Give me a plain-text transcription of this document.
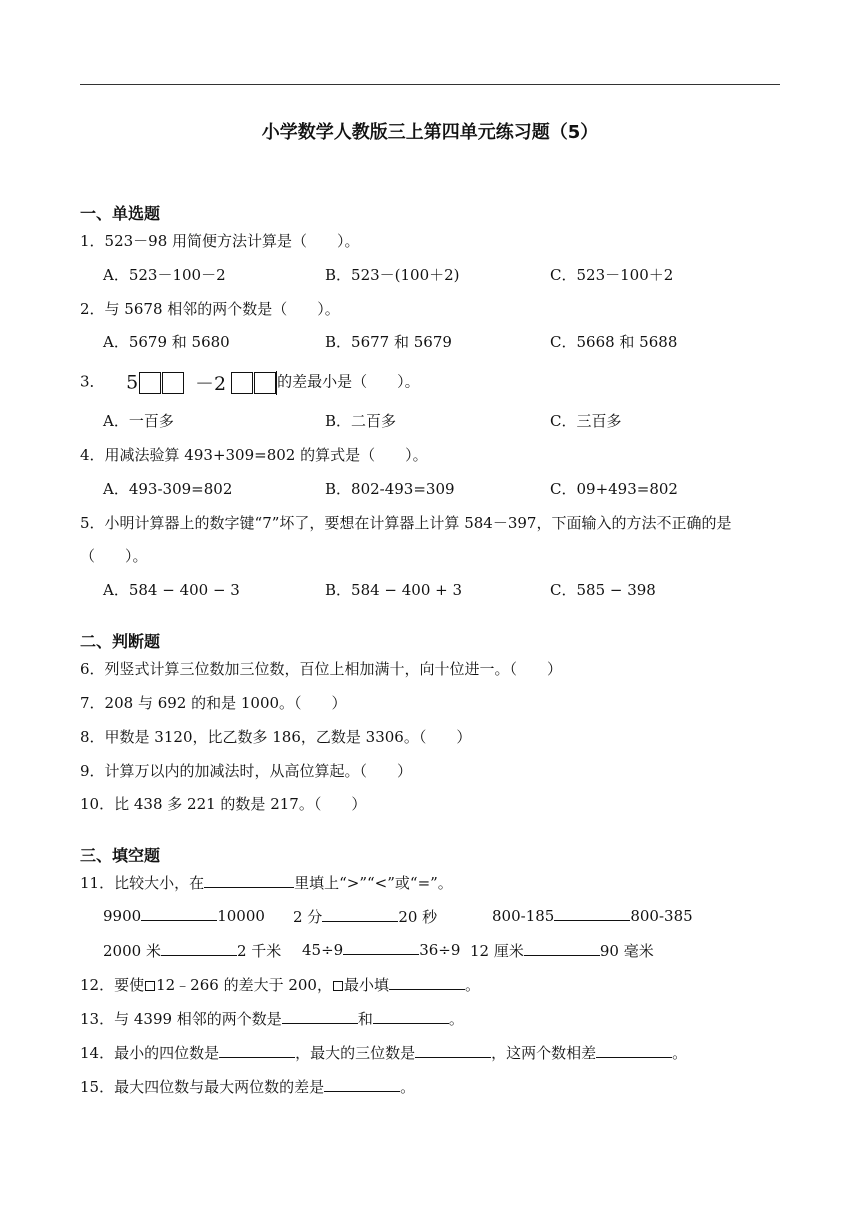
小学数学人教版三上第四单元练习题（5）
一、单选题
1．523－98 用简便方法计算是（　　）。
A．523－100－2	B．523－(100＋2)	C．523－100＋2
2．与 5678 相邻的两个数是（　　）。
A．5679 和 5680	B．5677 和 5679	C．5668 和 5688
3． 5	－2	的差最小是（　　）。
A．一百多	B．二百多	C．三百多
4．用减法验算 493+309=802 的算式是（　　）。
A．493-309=802	B．802-493=309	C．09+493=802
5．小明计算器上的数字键“7”坏了，要想在计算器上计算 584－397，下面输入的方法不正确的是
（　　）。
A．584 − 400 − 3	B．584 − 400 + 3	C．585 − 398
二、判断题
6．列竖式计算三位数加三位数，百位上相加满十，向十位进一。（　　）
7．208 与 692 的和是 1000。（　　）
8．甲数是 3120，比乙数多 186，乙数是 3306。（　　）
9．计算万以内的加减法时，从高位算起。（　　）
10．比 438 多 221 的数是 217。（　　）
三、填空题
11．比较大小，在	里填上“>”“<”或“=”。
9900	10000 2 分	20 秒	800-185	800-385
2000 米	2 千米 45÷9	36÷9 12 厘米	90 毫米
12．要使 12﹣266 的差大于 200， 最小填	。
13．与 4399 相邻的两个数是	和	。
14．最小的四位数是	，最大的三位数是	，这两个数相差	。
15．最大四位数与最大两位数的差是	。
